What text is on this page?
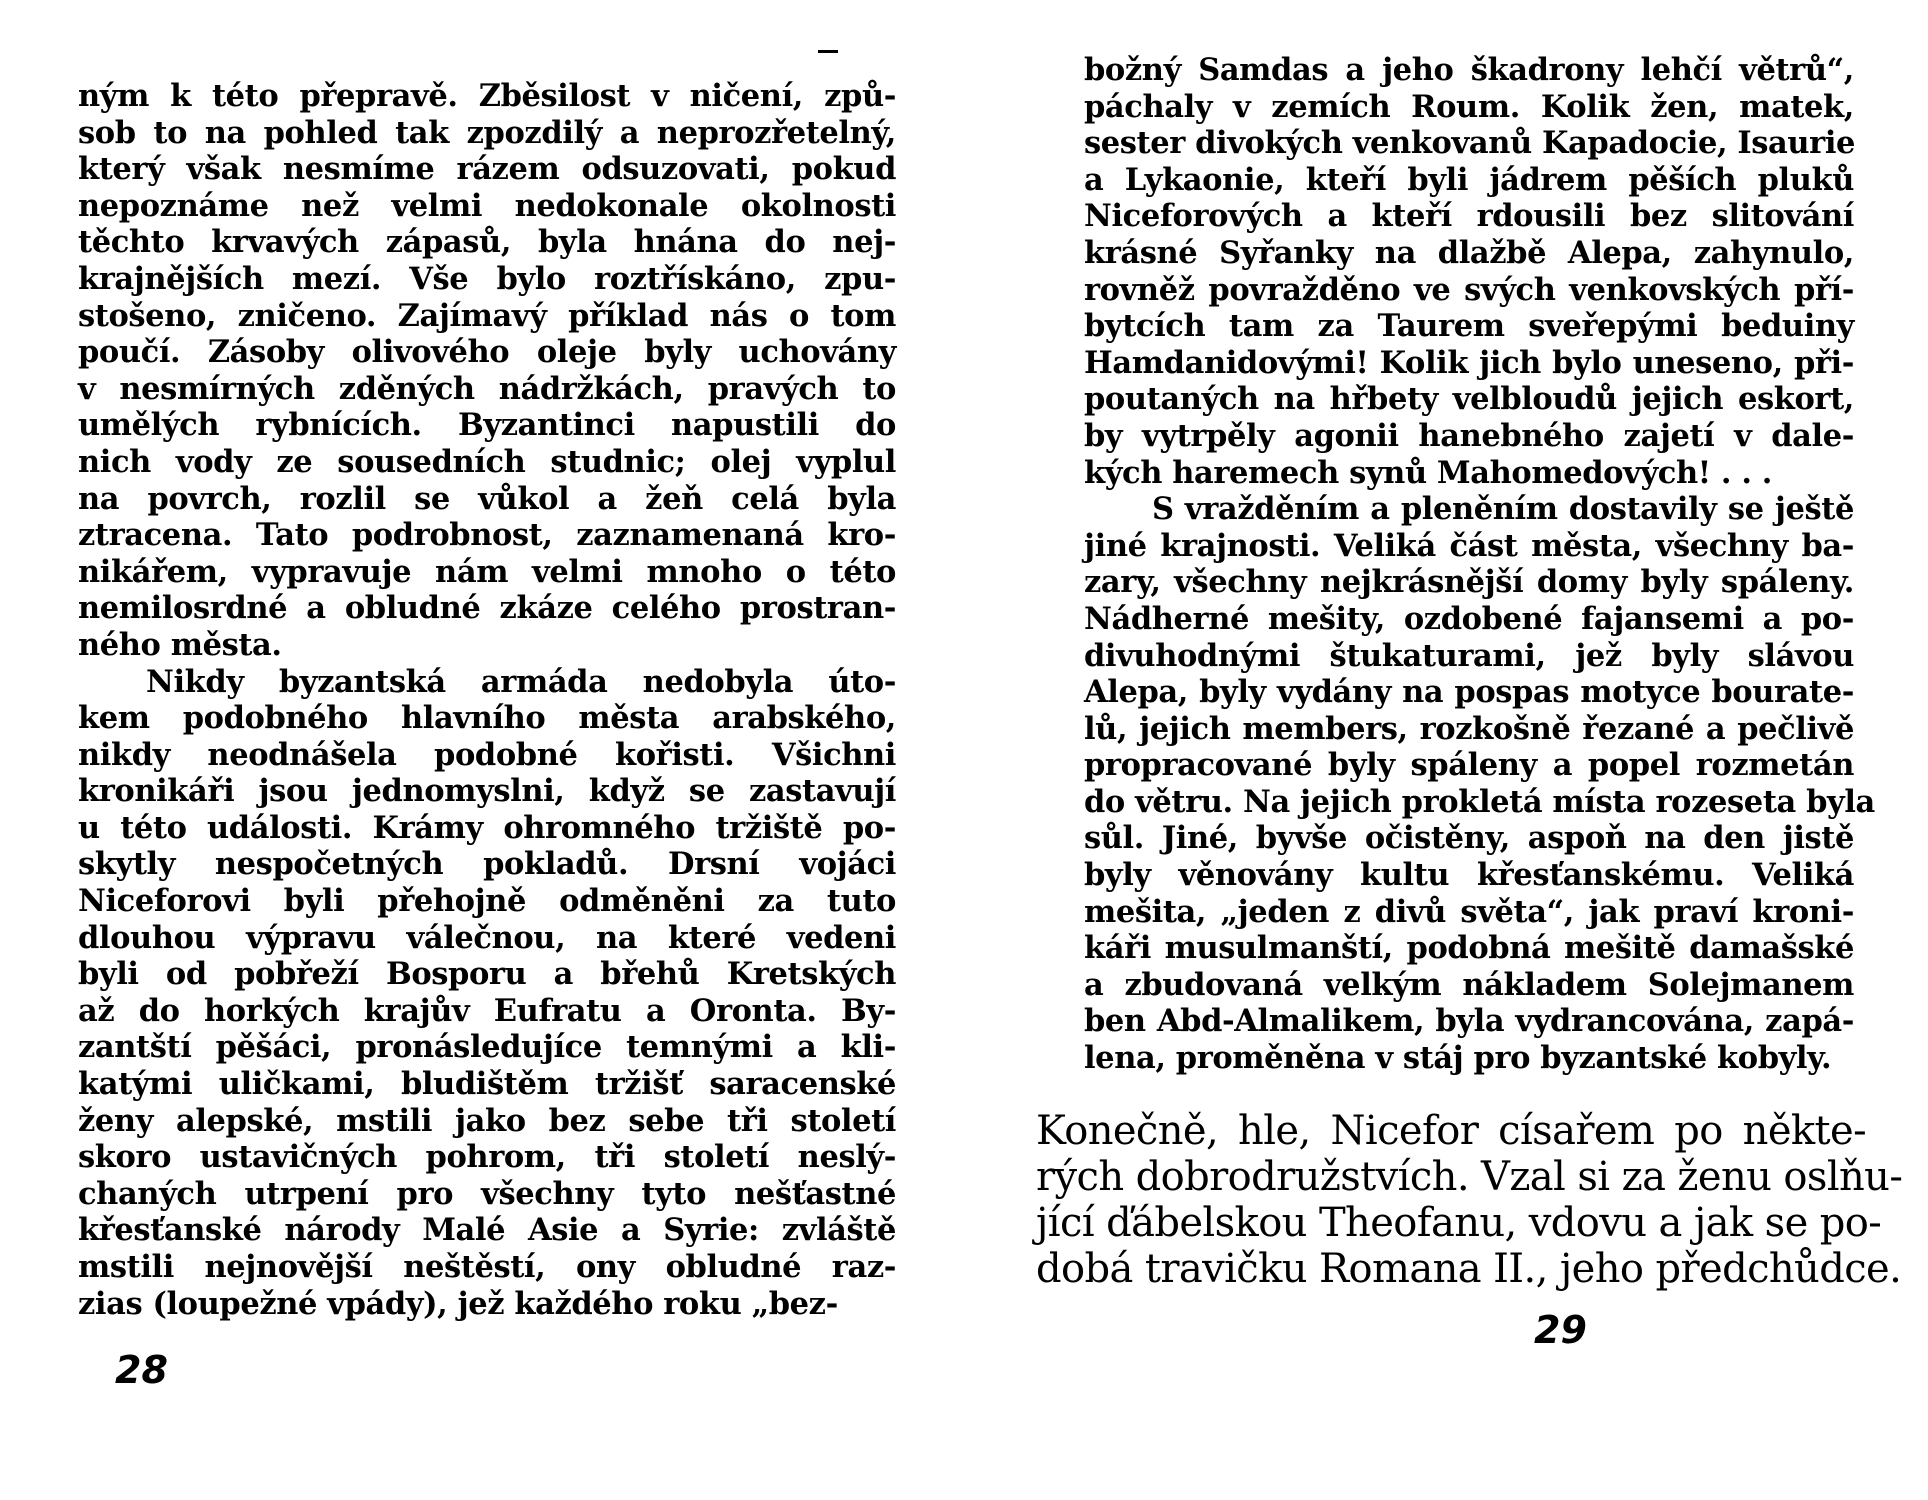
ným k této přepravě. Zběsilost v ničení, způ-
sob to na pohled tak zpozdilý a neprozřetelný,
který však nesmíme rázem odsuzovati, pokud
nepoznáme než velmi nedokonale okolnosti
těchto krvavých zápasů, byla hnána do nej-
krajnějších mezí. Vše bylo roztřískáno, zpu-
stošeno, zničeno. Zajímavý příklad nás o tom
poučí. Zásoby olivového oleje byly uchovány
v nesmírných zděných nádržkách, pravých to
umělých rybnících. Byzantinci napustili do
nich vody ze sousedních studnic; olej vyplul
na povrch, rozlil se vůkol a žeň celá byla
ztracena. Tato podrobnost, zaznamenaná kro-
nikářem, vypravuje nám velmi mnoho o této
nemilosrdné a obludné zkáze celého prostran-
ného města.
Nikdy byzantská armáda nedobyla úto-
kem podobného hlavního města arabského,
nikdy neodnášela podobné kořisti. Všichni
kronikáři jsou jednomyslni, když se zastavují
u této události. Krámy ohromného tržiště po-
skytly nespočetných pokladů. Drsní vojáci
Niceforovi byli přehojně odměněni za tuto
dlouhou výpravu válečnou, na které vedeni
byli od pobřeží Bosporu a břehů Kretských
až do horkých krajův Eufratu a Oronta. By-
zantští pěšáci, pronásledujíce temnými a kli-
katými uličkami, bludištěm tržišť saracenské
ženy alepské, mstili jako bez sebe tři století
skoro ustavičných pohrom, tři století neslý-
chaných utrpení pro všechny tyto nešťastné
křesťanské národy Malé Asie a Syrie: zvláště
mstili nejnovější neštěstí, ony obludné raz-
zias (loupežné vpády), jež každého roku „bez-
28
božný Samdas a jeho škadrony lehčí větrů“,
páchaly v zemích Roum. Kolik žen, matek,
sester divokých venkovanů Kapadocie, Isaurie
a Lykaonie, kteří byli jádrem pěších pluků
Niceforových a kteří rdousili bez slitování
krásné Syřanky na dlažbě Alepa, zahynulo,
rovněž povražděno ve svých venkovských pří-
bytcích tam za Taurem sveřepými beduiny
Hamdanidovými! Kolik jich bylo uneseno, při-
poutaných na hřbety velbloudů jejich eskort,
by vytrpěly agonii hanebného zajetí v dale-
kých haremech synů Mahomedových! . . .
S vražděním a pleněním dostavily se ještě
jiné krajnosti. Veliká část města, všechny ba-
zary, všechny nejkrásnější domy byly spáleny.
Nádherné mešity, ozdobené fajansemi a po-
divuhodnými štukaturami, jež byly slávou
Alepa, byly vydány na pospas motyce bourate-
lů, jejich members, rozkošně řezané a pečlivě
propracované byly spáleny a popel rozmetán
do větru. Na jejich prokletá místa rozeseta byla
sůl. Jiné, byvše očistěny, aspoň na den jistě
byly věnovány kultu křesťanskému. Veliká
mešita, „jeden z divů světa“, jak praví kroni-
káři musulmanští, podobná mešitě damašské
a zbudovaná velkým nákladem Solejmanem
ben Abd-Almalikem, byla vydrancována, zapá-
lena, proměněna v stáj pro byzantské kobyly.
Konečně, hle, Nicefor císařem po někte-
rých dobrodružstvích. Vzal si za ženu oslňu-
jící ďábelskou Theofanu, vdovu a jak se po-
dobá travičku Romana II., jeho předchůdce.
29
